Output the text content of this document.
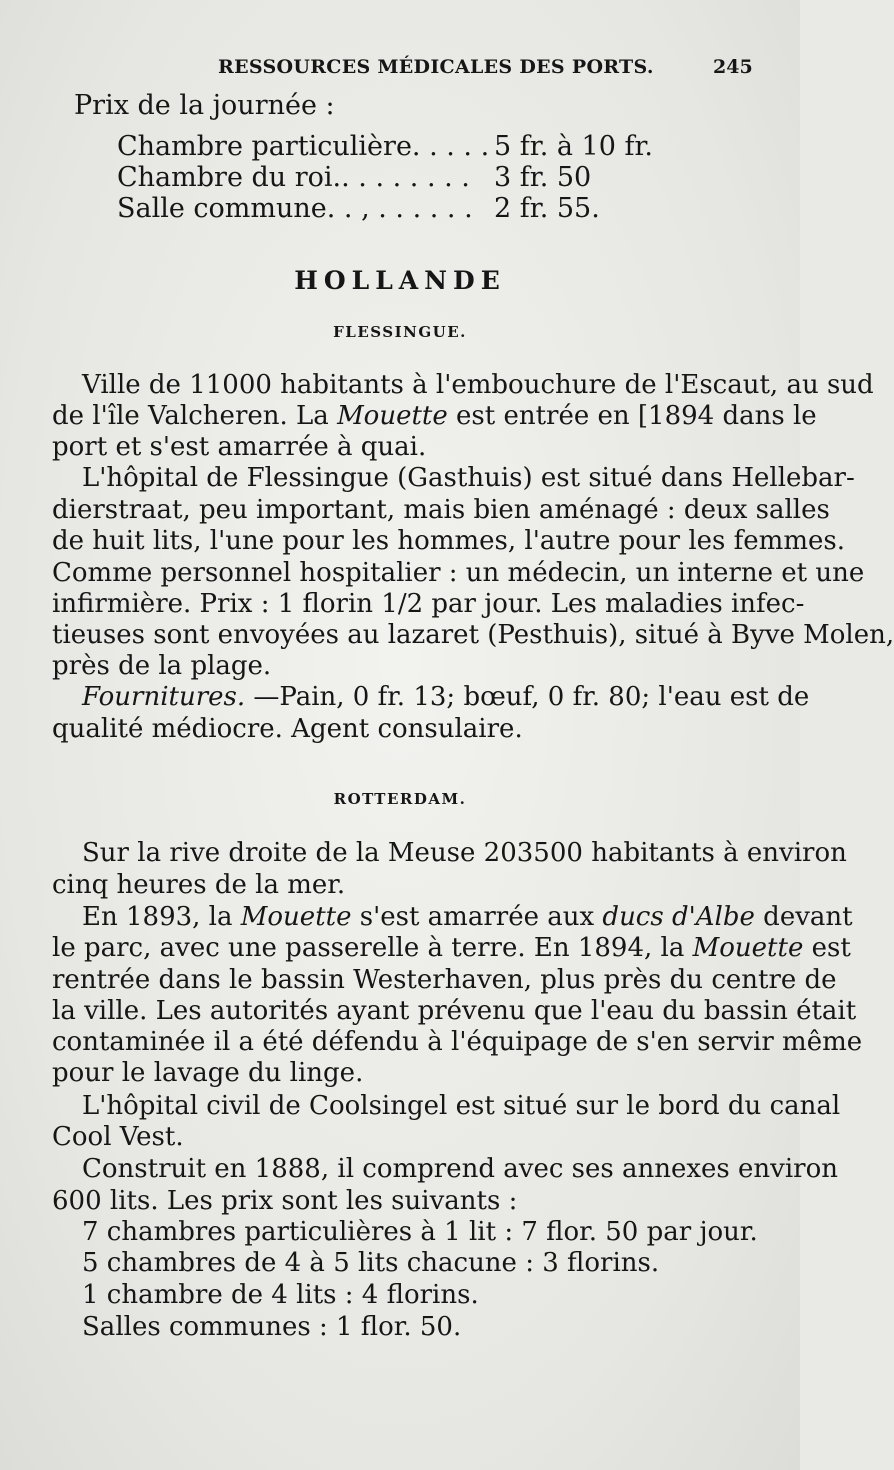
RESSOURCES MÉDICALES DES PORTS.	245
Prix de la journée :
Chambre particulière. . . . . 5 fr. à 10 fr.
Chambre du roi.. . . . . . . . 3 fr. 50
Salle commune. . , . . . . . . 2 fr. 55.
HOLLANDE
FLESSINGUE.
Ville de 11000 habitants à l'embouchure de l'Escaut, au sud
de l'île Valcheren. La Mouette est entrée en [1894 dans le
port et s'est amarrée à quai.
L'hôpital de Flessingue (Gasthuis) est situé dans Hellebar-
dierstraat, peu important, mais bien aménagé : deux salles
de huit lits, l'une pour les hommes, l'autre pour les femmes.
Comme personnel hospitalier : un médecin, un interne et une
infirmière. Prix : 1 florin 1/2 par jour. Les maladies infec-
tieuses sont envoyées au lazaret (Pesthuis), situé à Byve Molen,
près de la plage.
Fournitures. —Pain, 0 fr. 13; bœuf, 0 fr. 80; l'eau est de
qualité médiocre. Agent consulaire.
ROTTERDAM.
Sur la rive droite de la Meuse 203500 habitants à environ
cinq heures de la mer.
En 1893, la Mouette s'est amarrée aux ducs d'Albe devant
le parc, avec une passerelle à terre. En 1894, la Mouette est
rentrée dans le bassin Westerhaven, plus près du centre de
la ville. Les autorités ayant prévenu que l'eau du bassin était
contaminée il a été défendu à l'équipage de s'en servir même
pour le lavage du linge.
L'hôpital civil de Coolsingel est situé sur le bord du canal
Cool Vest.
Construit en 1888, il comprend avec ses annexes environ
600 lits. Les prix sont les suivants :
7 chambres particulières à 1 lit : 7 flor. 50 par jour.
5 chambres de 4 à 5 lits chacune : 3 florins.
1 chambre de 4 lits : 4 florins.
Salles communes : 1 flor. 50.
